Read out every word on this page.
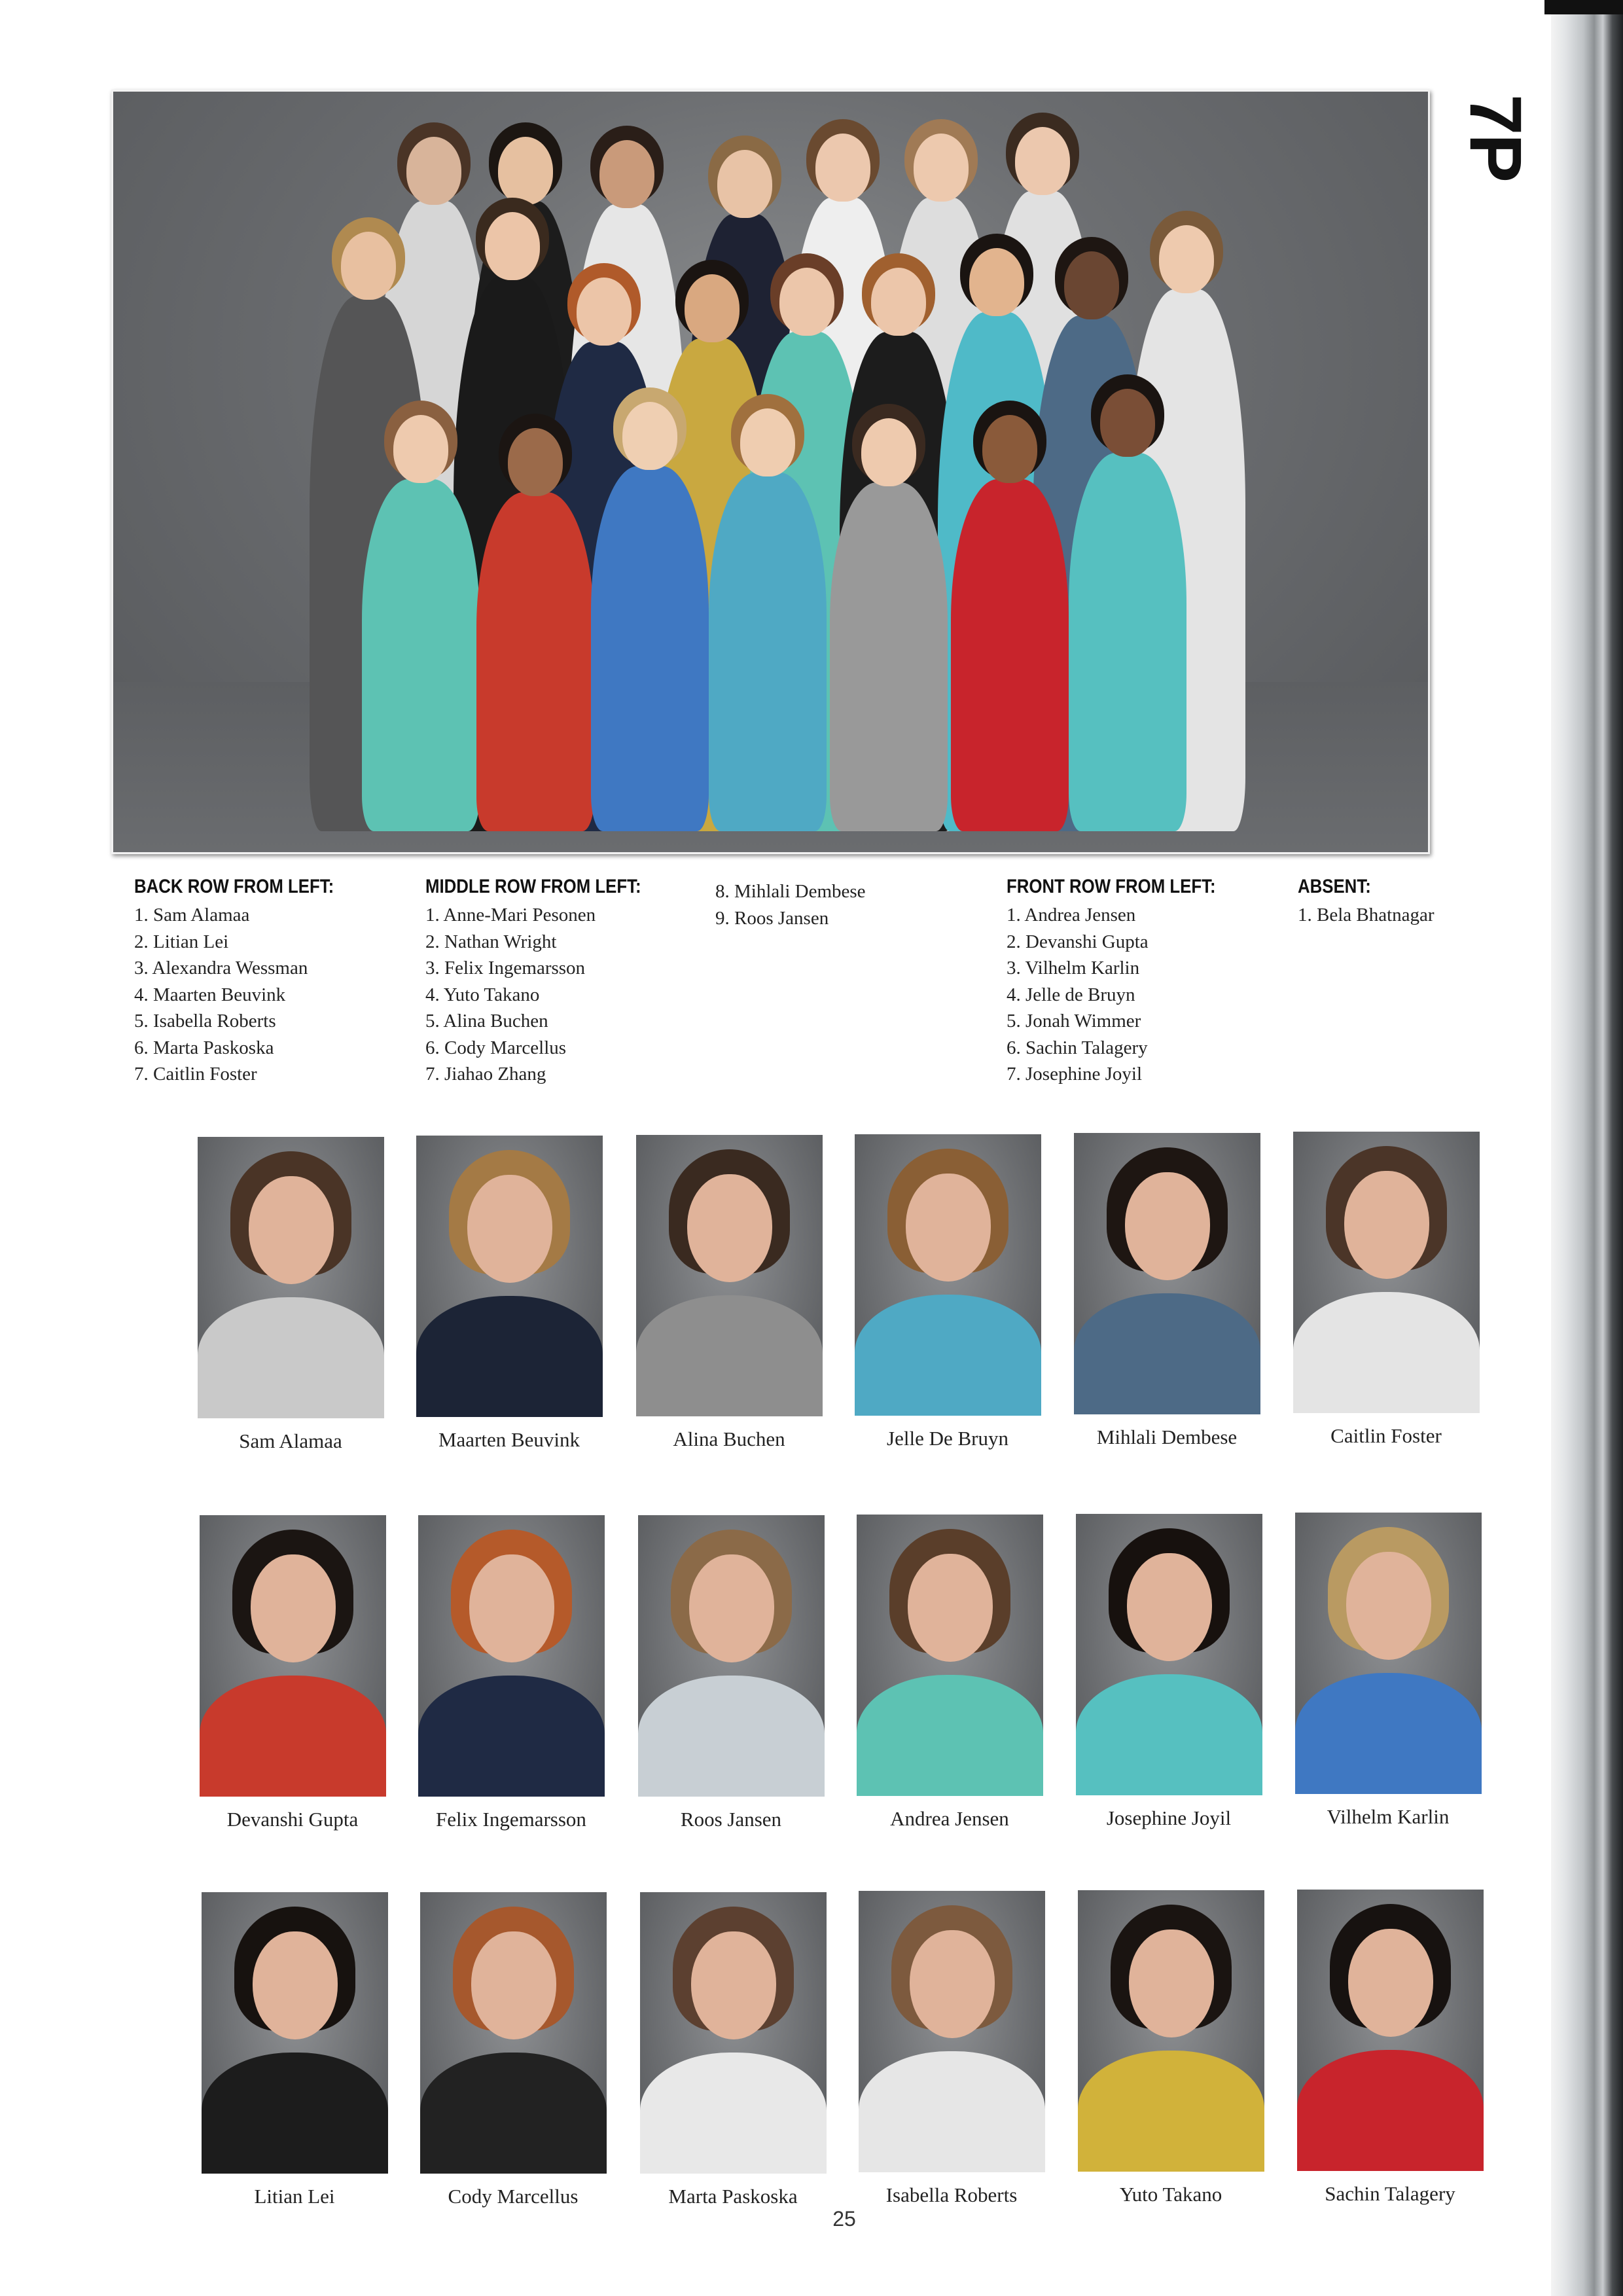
7P
BACK ROW FROM LEFT:
1. Sam Alamaa
2. Litian Lei
3. Alexandra Wessman
4. Maarten Beuvink
5. Isabella Roberts
6. Marta Paskoska
7. Caitlin Foster
MIDDLE ROW FROM LEFT:
1. Anne-Mari Pesonen
2. Nathan Wright
3. Felix Ingemarsson
4. Yuto Takano
5. Alina Buchen
6. Cody Marcellus
7. Jiahao Zhang
8. Mihlali Dembese
9. Roos Jansen
FRONT ROW FROM LEFT:
1. Andrea Jensen
2. Devanshi Gupta
3. Vilhelm Karlin
4. Jelle de Bruyn
5. Jonah Wimmer
6. Sachin Talagery
7. Josephine Joyil
ABSENT:
1. Bela Bhatnagar
Sam Alamaa	Maarten Beuvink	Alina Buchen	Jelle De Bruyn	Mihlali Dembese	Caitlin Foster
Devanshi Gupta	Felix Ingemarsson	Roos Jansen	Andrea Jensen	Josephine Joyil	Vilhelm Karlin
Litian Lei	Cody Marcellus	Marta Paskoska	Isabella Roberts	Yuto Takano	Sachin Talagery
25
